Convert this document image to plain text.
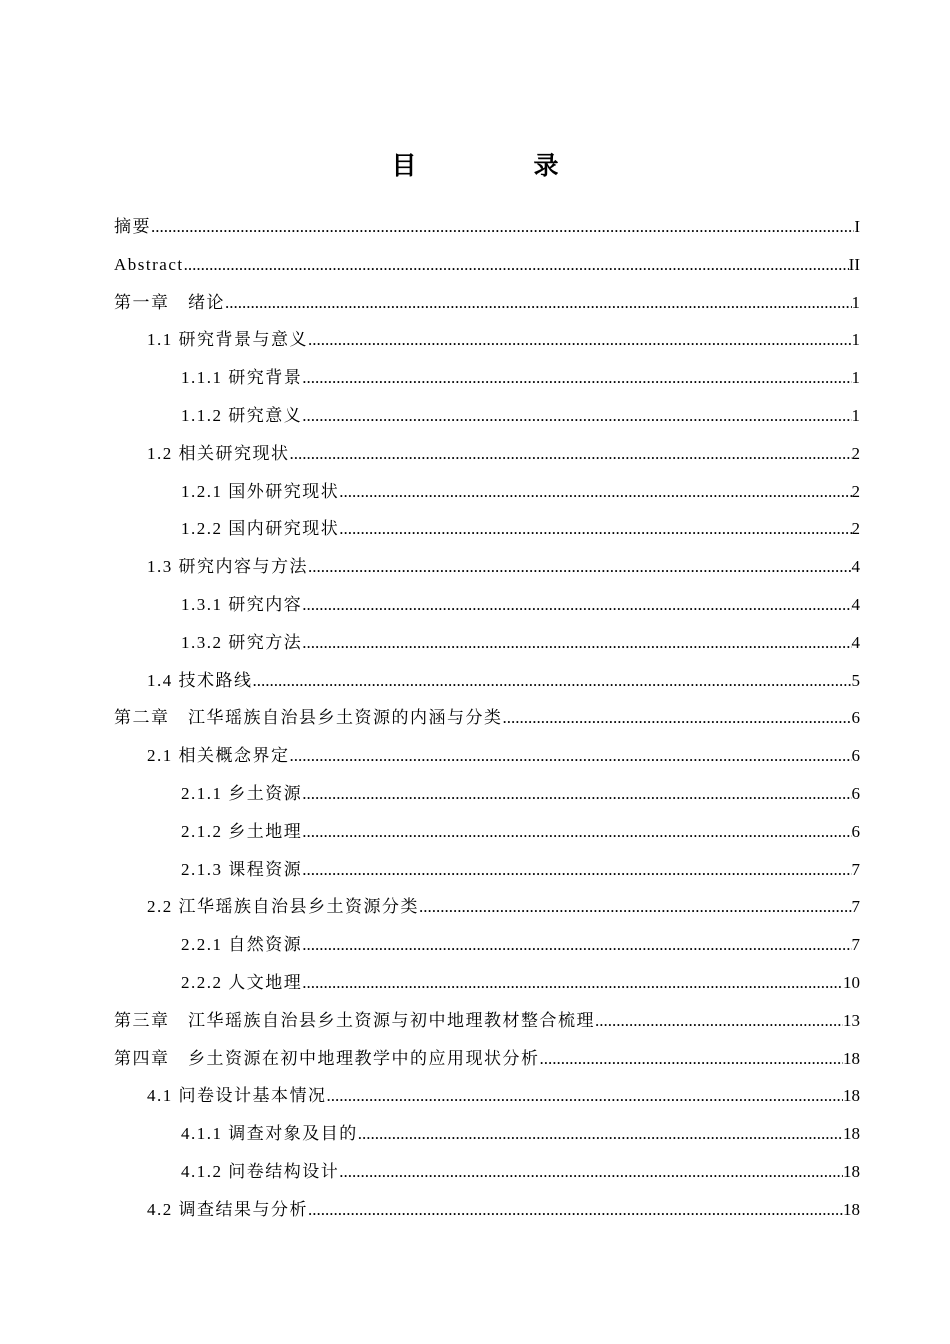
目　录
摘要 .....	I
Abstract .....	II
第一章　绪论 .....	1
1.1 研究背景与意义 .....	1
1.1.1 研究背景 .....	1
1.1.2 研究意义 .....	1
1.2 相关研究现状 .....	2
1.2.1 国外研究现状 .....	2
1.2.2 国内研究现状 .....	2
1.3 研究内容与方法 .....	4
1.3.1 研究内容 .....	4
1.3.2 研究方法 .....	4
1.4 技术路线 .....	5
第二章　江华瑶族自治县乡土资源的内涵与分类 .....	6
2.1 相关概念界定 .....	6
2.1.1 乡土资源 .....	6
2.1.2 乡土地理 .....	6
2.1.3 课程资源 .....	7
2.2 江华瑶族自治县乡土资源分类 .....	7
2.2.1 自然资源 .....	7
2.2.2 人文地理 .....	10
第三章　江华瑶族自治县乡土资源与初中地理教材整合梳理 .....	13
第四章　乡土资源在初中地理教学中的应用现状分析 .....	18
4.1 问卷设计基本情况 .....	18
4.1.1 调查对象及目的 .....	18
4.1.2 问卷结构设计 .....	18
4.2 调查结果与分析 .....	18
